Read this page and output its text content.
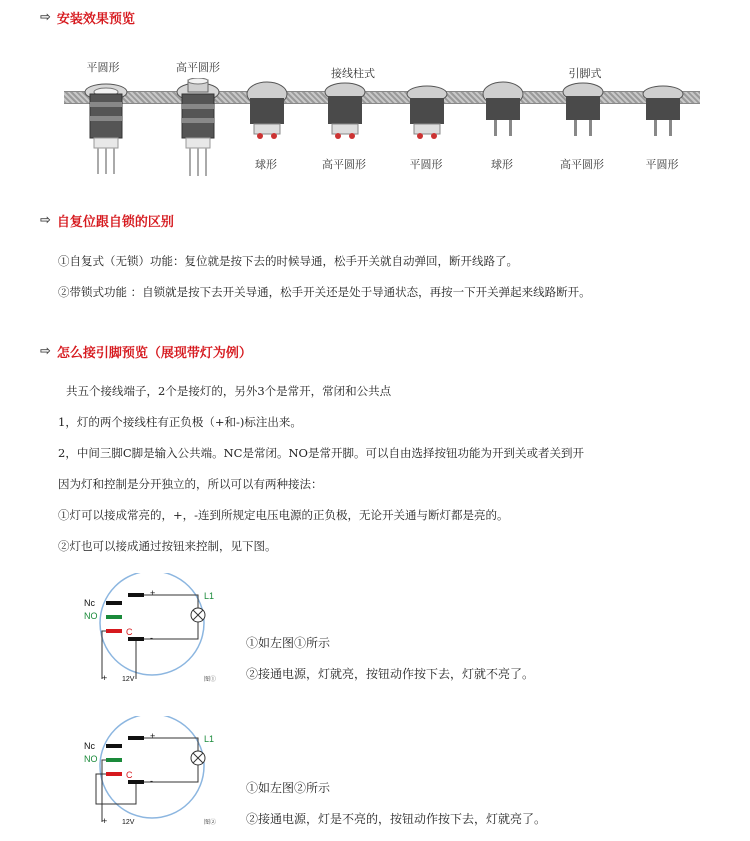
⇨ 安装效果预览
平圆形	高平圆形	接线柱式	引脚式
球形	高平圆形	平圆形	球形	高平圆形	平圆形
⇨ 自复位跟自锁的区别
①自复式（无锁）功能：复位就是按下去的时候导通，松手开关就自动弹回，断开线路了。
②带锁式功能 ：自锁就是按下去开关导通，松手开关还是处于导通状态，再按一下开关弹起来线路断开。
⇨ 怎么接引脚预览（展现带灯为例）
共五个接线端子，2个是接灯的，另外3个是常开，常闭和公共点
1，灯的两个接线柱有正负极（+和-)标注出来。
2，中间三脚C脚是输入公共端。NC是常闭。NO是常开脚。可以自由选择按钮功能为开到关或者关到开
因为灯和控制是分开独立的，所以可以有两种接法：
①灯可以接成常亮的，+，-连到所规定电压电源的正负极，无论开关通与断灯都是亮的。
②灯也可以接成通过按钮来控制，见下图。
Nc
NO
C
+
-
L1
+ 12V	图①
①如左图①所示
②接通电源，灯就亮，按钮动作按下去，灯就不亮了。
Nc
NO
C
+
-
L1
+ 12V	图②
①如左图②所示
②接通电源，灯是不亮的，按钮动作按下去，灯就亮了。
